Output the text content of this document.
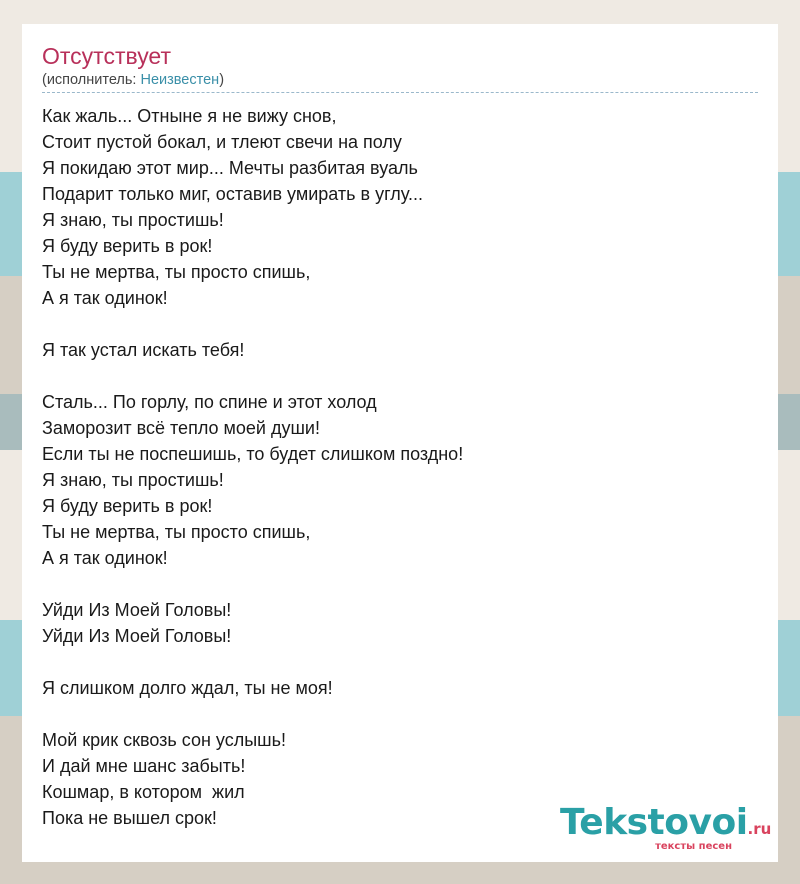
Отсутствует
(исполнитель: Неизвестен)
Как жаль... Отныне я не вижу снов,
Стоит пустой бокал, и тлеют свечи на полу
Я покидаю этот мир... Мечты разбитая вуаль
Подарит только миг, оставив умирать в углу...
Я знаю, ты простишь!
Я буду верить в рок!
Ты не мертва, ты просто спишь,
А я так одинок!
Я так устал искать тебя!
Сталь... По горлу, по спине и этот холод
Заморозит всё тепло моей души!
Если ты не поспешишь, то будет слишком поздно!
Я знаю, ты простишь!
Я буду верить в рок!
Ты не мертва, ты просто спишь,
А я так одинок!
Уйди Из Моей Головы!
Уйди Из Моей Головы!
Я слишком долго ждал, ты не моя!
Мой крик сквозь сон услышь!
И дай мне шанс забыть!
Кошмар, в котором  жил
Пока не вышел срок!	Tekstovoi.ru
тексты песен
